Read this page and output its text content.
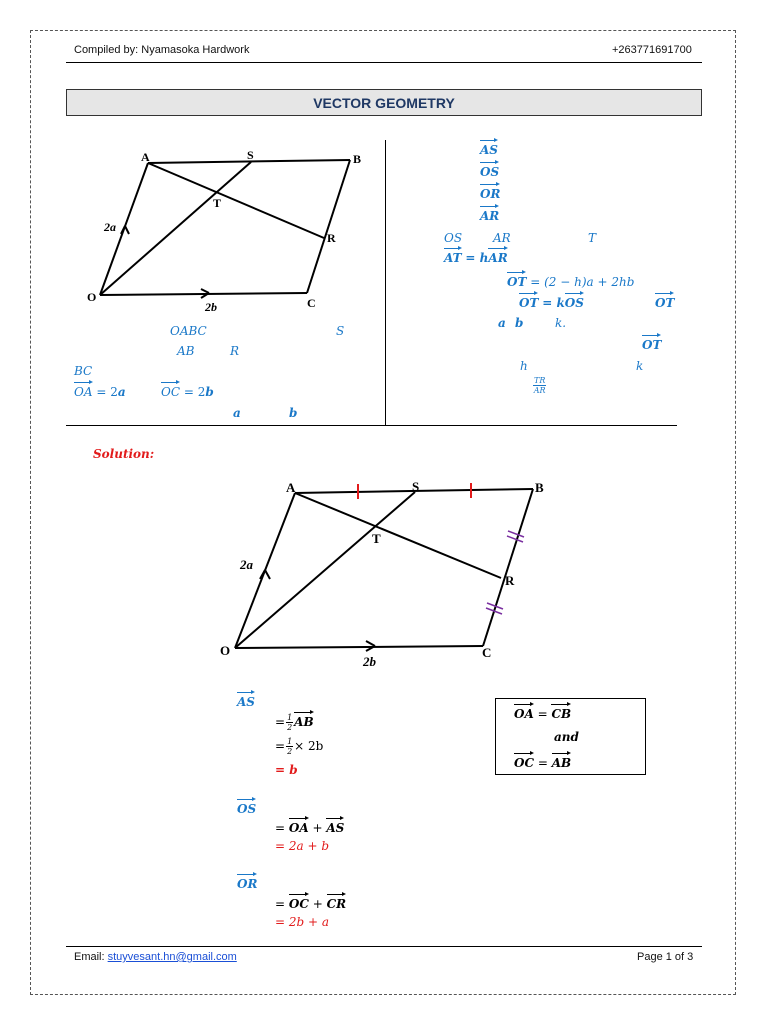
Compiled by: Nyamasoka Hardwork	+263771691700
VECTOR GEOMETRY
A	S	B
T
R
O	C
2a
2b
OABC	S
AB	R
BC
OA = 2a	OC = 2b
a	b
AS
OS
OR
AR
OS	AR	T
AT = hAR
OT = (2 − h)a + 2hb
OT = kOS	OT
a b	k.
OT
h	k
$\frac{TR}{AR}$
Solution:
A	S	B
T
R
O	C
2a
2b
AS
= $\frac{1}{2}$ AB
= $\frac{1}{2} \times 2b$
= b
OS
= OA + AS
= 2a + b
OR
= OC + CR
= 2b + a
OA = CB
and
OC = AB
Email: stuyvesant.hn@gmail.com	Page 1 of 3
